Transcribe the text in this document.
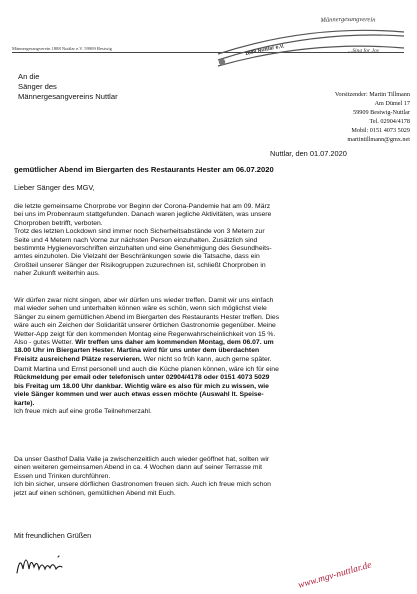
Männergesangverein 1888 Nuttlar e.V. 59909 Bestwig
Männergesangverein
1888 Nuttlar e.V.
...Sing for Joy
An die
Sänger des
Männergesangvereins Nuttlar	Vorsitzender: Martin Tillmann
Am Dümel 17
59909 Bestwig-Nuttlar
Tel. 02904/4178
Mobil: 0151 4073 5029
martintillmann@gmx.net
Nuttlar, den 01.07.2020
gemütlicher Abend im Biergarten des Restaurants Hester am 06.07.2020
Lieber Sänger des MGV,
die letzte gemeinsame Chorprobe vor Beginn der Corona-Pandemie hat am 09. März
bei uns im Probenraum stattgefunden. Danach waren jegliche Aktivitäten, was unsere
Chorproben betrifft, verboten.
Trotz des letzten Lockdown sind immer noch Sicherheitsabstände von 3 Metern zur
Seite und 4 Metern nach Vorne zur nächsten Person einzuhalten. Zusätzlich sind
bestimmte Hygienevorschriften einzuhalten und eine Genehmigung des Gesundheits-
amtes einzuholen. Die Vielzahl der Beschränkungen sowie die Tatsache, dass ein
Großteil unserer Sänger der Risikogruppen zuzurechnen ist, schließt Chorproben in
naher Zukunft weiterhin aus.
Wir dürfen zwar nicht singen, aber wir dürfen uns wieder treffen. Damit wir uns einfach
mal wieder sehen und unterhalten können wäre es schön, wenn sich möglichst viele
Sänger zu einem gemütlichen Abend im Biergarten des Restaurants Hester treffen. Dies
wäre auch ein Zeichen der Solidarität unserer örtlichen Gastronomie gegenüber. Meine
Wetter-App zeigt für den kommenden Montag eine Regenwahrscheinlichkeit von 15 %.
Also - gutes Wetter. Wir treffen uns daher am kommenden Montag, dem 06.07. um
18.00 Uhr im Biergarten Hester. Martina wird für uns unter dem überdachten
Freisitz ausreichend Plätze reservieren. Wer nicht so früh kann, auch gerne später.
Damit Martina und Ernst personell und auch die Küche planen können, wäre ich für eine
Rückmeldung per email oder telefonisch unter 02904/4178 oder 0151 4073 5029
bis Freitag um 18.00 Uhr dankbar. Wichtig wäre es also für mich zu wissen, wie
viele Sänger kommen und wer auch etwas essen möchte (Auswahl lt. Speise-
karte).
Ich freue mich auf eine große Teilnehmerzahl.
Da unser Gasthof Dalla Valle ja zwischenzeitlich auch wieder geöffnet hat, sollten wir
einen weiteren gemeinsamen Abend in ca. 4 Wochen dann auf seiner Terrasse mit
Essen und Trinken durchführen.
Ich bin sicher, unsere dörflichen Gastronomen freuen sich. Auch ich freue mich schon
jetzt auf einen schönen, gemütlichen Abend mit Euch.
Mit freundlichen Grüßen
www.mgv-nuttlar.de
